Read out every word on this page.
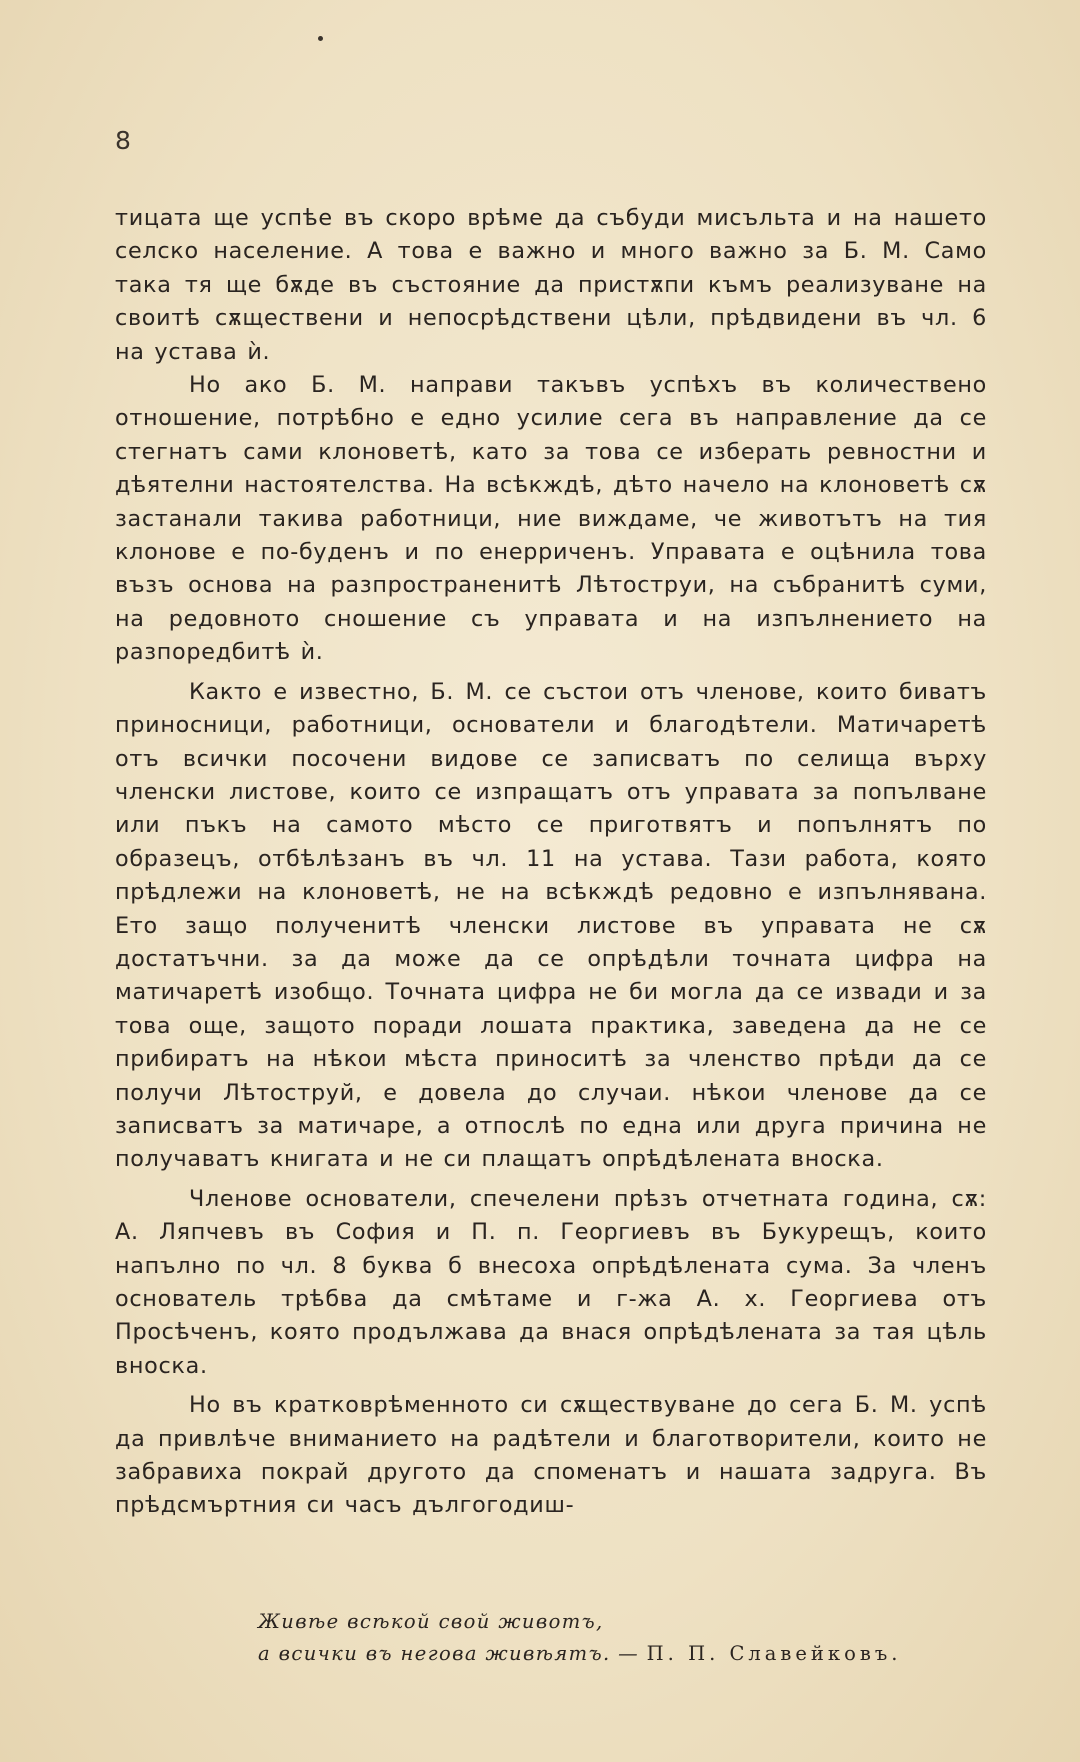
8

тицата ще успѣе въ скоро врѣме да събуди мисъльта и на нашето селско население. А това е важно и много важно за Б. М. Само така тя ще бѫде въ състояние да пристѫпи къмъ реализуване на своитѣ сѫществени и непосрѣдствени цѣли, прѣдвидени въ чл. 6 на устава ѝ.

Но ако Б. М. направи такъвъ успѣхъ въ количествено отношение, потрѣбно е едно усилие сега въ направление да се стегнатъ сами клоноветѣ, като за това се изберать ревностни и дѣятелни настоятелства. На всѣкждѣ, дѣто начело на клоноветѣ сѫ застанали такива работници, ние виждаме, че животътъ на тия клонове е по-буденъ и по енерриченъ. Управата е оцѣнила това възъ основа на разпространенитѣ Лѣтоструи, на събранитѣ суми, на редовното сношение съ управата и на изпълнението на разпоредбитѣ ѝ.

Както е известно, Б. М. се състои отъ членове, които биватъ приносници, работници, основатели и благодѣтели. Матичаретѣ отъ всички посочени видове се записватъ по селища върху членски листове, които се изпращатъ отъ управата за попълване или пъкъ на самото мѣсто се приготвятъ и попълнятъ по образецъ, отбѣлѣзанъ въ чл. 11 на устава. Тази работа, която прѣдлежи на клоноветѣ, не на всѣкждѣ редовно е изпълнявана. Ето защо полученитѣ членски листове въ управата не сѫ достатъчни. за да може да се опрѣдѣли точната цифра на матичаретѣ изобщо. Точната цифра не би могла да се извади и за това още, защото поради лошата практика, заведена да не се прибиратъ на нѣкои мѣста приноситѣ за членство прѣди да се получи Лѣтоструй, е довела до случаи. нѣкои членове да се записватъ за матичаре, а отпослѣ по една или друга причина не получаватъ книгата и не си плащатъ опрѣдѣлената вноска.

Членове основатели, спечелени прѣзъ отчетната година, сѫ: А. Ляпчевъ въ София и П. п. Георгиевъ въ Букурещъ, които напълно по чл. 8 буква б внесоха опрѣдѣлената сума. За членъ основатель трѣбва да смѣтаме и г-жа А. х. Георгиева отъ Просѣченъ, която продължава да внася опрѣдѣлената за тая цѣль вноска.

Но въ кратковрѣменното си сѫществуване до сега Б. М. успѣ да привлѣче вниманието на радѣтели и благотворители, които не забравиха покрай другото да споменатъ и нашата задруга. Въ прѣдсмъртния си часъ дългогодиш-

Живѣе всѣкой свой животъ,
а всички въ негова живѣятъ. — П. П. Славейковъ.
